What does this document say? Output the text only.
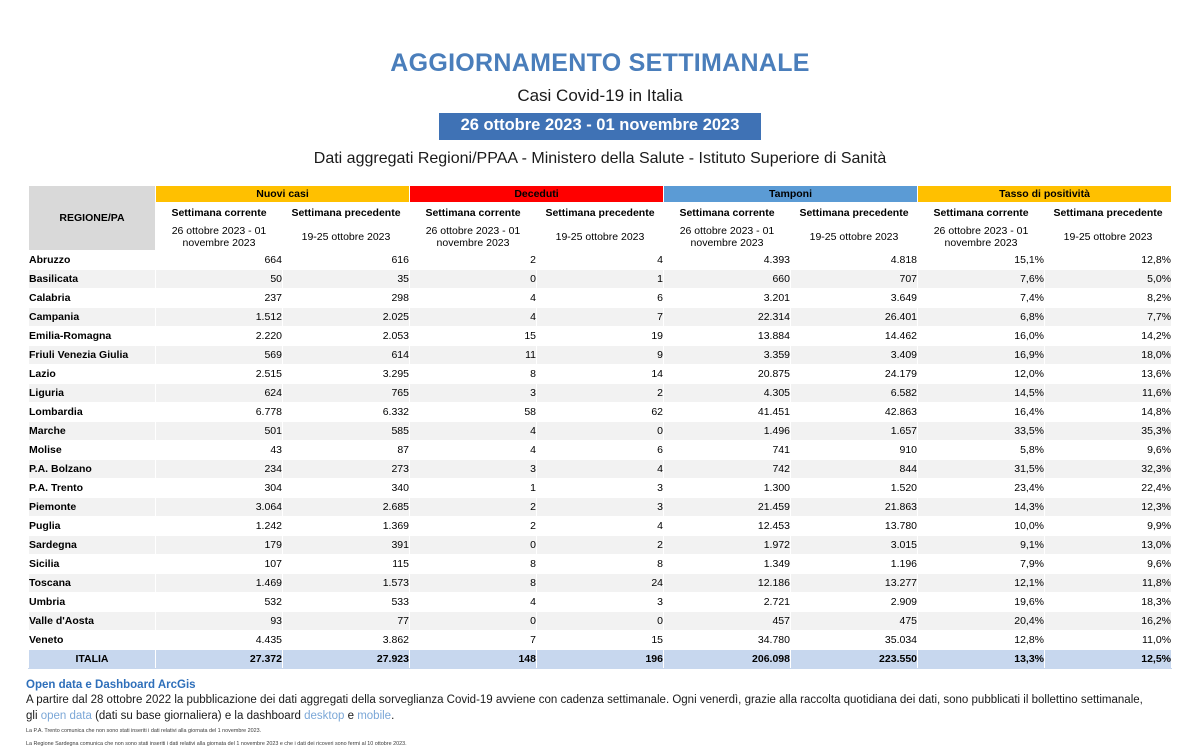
AGGIORNAMENTO SETTIMANALE
Casi Covid-19 in Italia
26 ottobre 2023 - 01 novembre 2023
Dati aggregati Regioni/PPAA - Ministero della Salute - Istituto Superiore di Sanità
REGIONE/PA	Nuovi casi		Deceduti		Tamponi		Tasso di positività	
	Settimana corrente	Settimana precedente	Settimana corrente	Settimana precedente	Settimana corrente	Settimana precedente	Settimana corrente	Settimana precedente
	26 ottobre 2023 - 01 novembre 2023	19-25 ottobre 2023	26 ottobre 2023 - 01 novembre 2023	19-25 ottobre 2023	26 ottobre 2023 - 01 novembre 2023	19-25 ottobre 2023	26 ottobre 2023 - 01 novembre 2023	19-25 ottobre 2023
Abruzzo	664	616	2	4	4.393	4.818	15,1%	12,8%
Basilicata	50	35	0	1	660	707	7,6%	5,0%
Calabria	237	298	4	6	3.201	3.649	7,4%	8,2%
Campania	1.512	2.025	4	7	22.314	26.401	6,8%	7,7%
Emilia-Romagna	2.220	2.053	15	19	13.884	14.462	16,0%	14,2%
Friuli Venezia Giulia	569	614	11	9	3.359	3.409	16,9%	18,0%
Lazio	2.515	3.295	8	14	20.875	24.179	12,0%	13,6%
Liguria	624	765	3	2	4.305	6.582	14,5%	11,6%
Lombardia	6.778	6.332	58	62	41.451	42.863	16,4%	14,8%
Marche	501	585	4	0	1.496	1.657	33,5%	35,3%
Molise	43	87	4	6	741	910	5,8%	9,6%
P.A. Bolzano	234	273	3	4	742	844	31,5%	32,3%
P.A. Trento	304	340	1	3	1.300	1.520	23,4%	22,4%
Piemonte	3.064	2.685	2	3	21.459	21.863	14,3%	12,3%
Puglia	1.242	1.369	2	4	12.453	13.780	10,0%	9,9%
Sardegna	179	391	0	2	1.972	3.015	9,1%	13,0%
Sicilia	107	115	8	8	1.349	1.196	7,9%	9,6%
Toscana	1.469	1.573	8	24	12.186	13.277	12,1%	11,8%
Umbria	532	533	4	3	2.721	2.909	19,6%	18,3%
Valle d'Aosta	93	77	0	0	457	475	20,4%	16,2%
Veneto	4.435	3.862	7	15	34.780	35.034	12,8%	11,0%
ITALIA	27.372	27.923	148	196	206.098	223.550	13,3%	12,5%
Open data e Dashboard ArcGis
A partire dal 28 ottobre 2022 la pubblicazione dei dati aggregati della sorveglianza Covid-19 avviene con cadenza settimanale. Ogni venerdì, grazie alla raccolta quotidiana dei dati, sono pubblicati il bollettino settimanale,
gli open data (dati su base giornaliera) e la dashboard desktop e mobile.
La P.A. Trento comunica che non sono stati inseriti i dati relativi alla giornata del 1 novembre 2023.
La Regione Sardegna comunica che non sono stati inseriti i dati relativi alla giornata del 1 novembre 2023 e che i dati dei ricoveri sono fermi al 10 ottobre 2023.
